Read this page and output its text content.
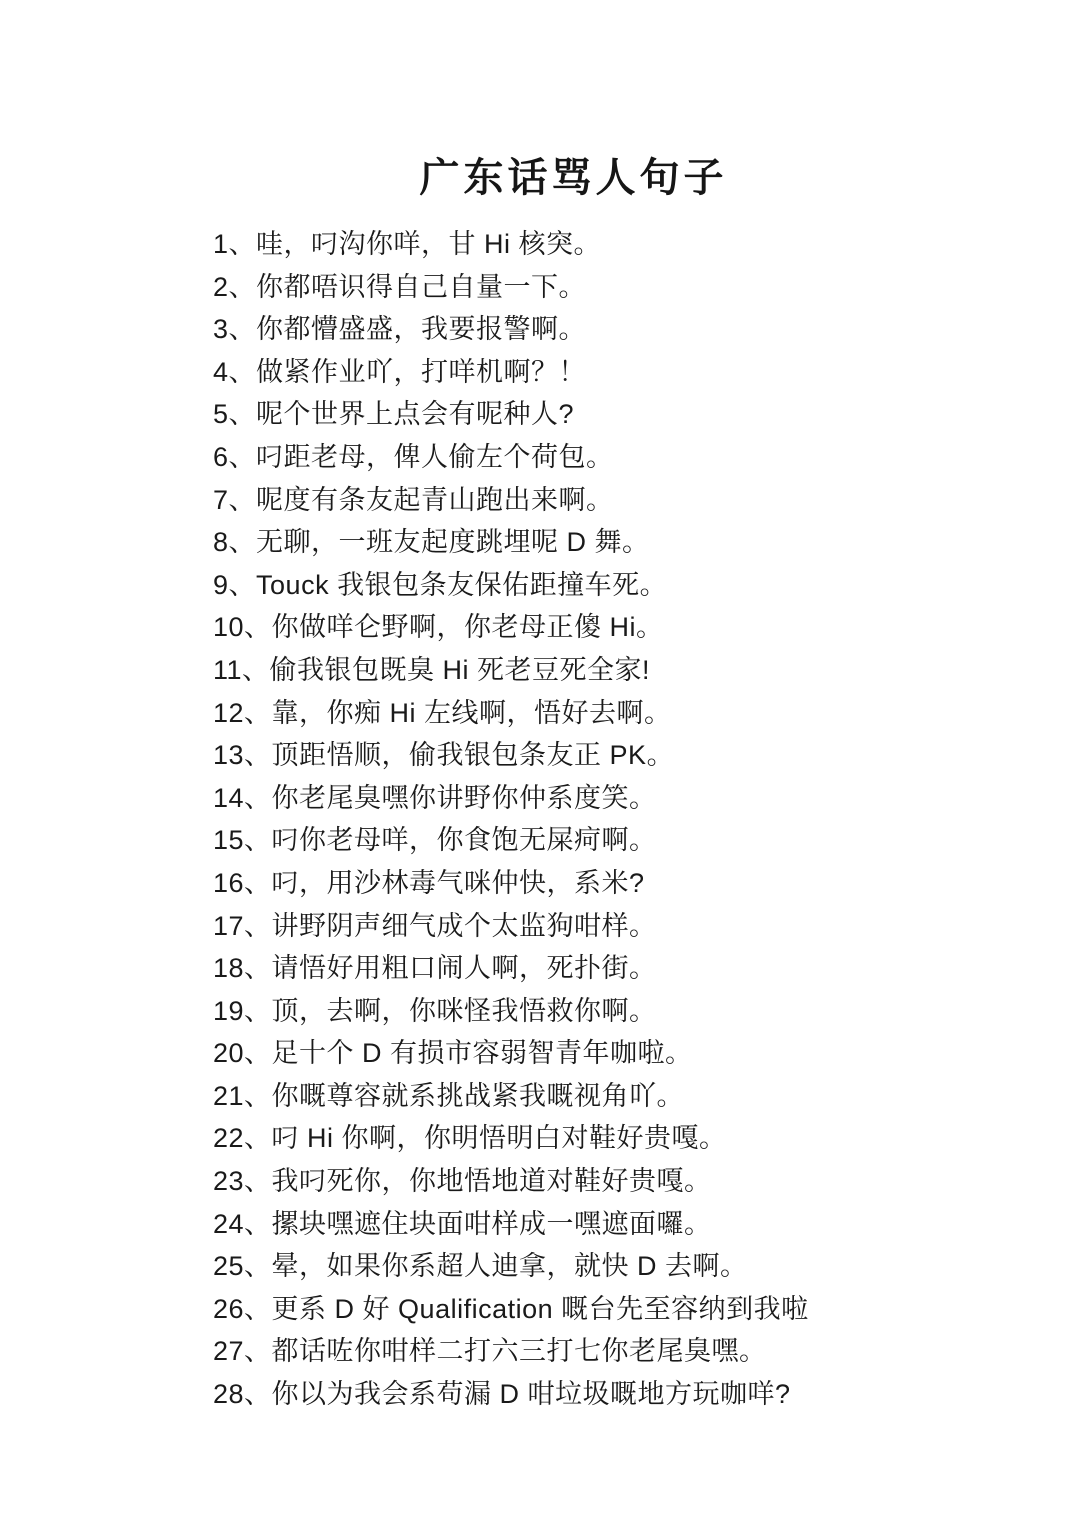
广东话骂人句子
1、哇，叼沟你咩，甘 Hi 核突。
2、你都唔识得自己自量一下。
3、你都懵盛盛，我要报警啊。
4、做紧作业吖，打咩机啊？！
5、呢个世界上点会有呢种人?
6、叼距老母，俾人偷左个荷包。
7、呢度有条友起青山跑出来啊。
8、无聊，一班友起度跳埋呢 D 舞。
9、Touck 我银包条友保佑距撞车死。
10、你做咩仑野啊，你老母正傻 Hi。
11、偷我银包既臭 Hi 死老豆死全家!
12、靠，你痴 Hi 左线啊，悟好去啊。
13、顶距悟顺，偷我银包条友正 PK。
14、你老尾臭嘿你讲野你仲系度笑。
15、叼你老母咩，你食饱无屎疴啊。
16、叼，用沙林毒气咪仲快，系米?
17、讲野阴声细气成个太监狗咁样。
18、请悟好用粗口闹人啊，死扑街。
19、顶，去啊，你咪怪我悟救你啊。
20、足十个 D 有损市容弱智青年咖啦。
21、你嘅尊容就系挑战紧我嘅视角吖。
22、叼 Hi 你啊，你明悟明白对鞋好贵嘎。
23、我叼死你，你地悟地道对鞋好贵嘎。
24、摞块嘿遮住块面咁样成一嘿遮面囉。
25、晕，如果你系超人迪拿，就快 D 去啊。
26、更系 D 好 Qualification 嘅台先至容纳到我啦
27、都话咗你咁样二打六三打七你老尾臭嘿。
28、你以为我会系苟漏 D 咁垃圾嘅地方玩咖咩?
